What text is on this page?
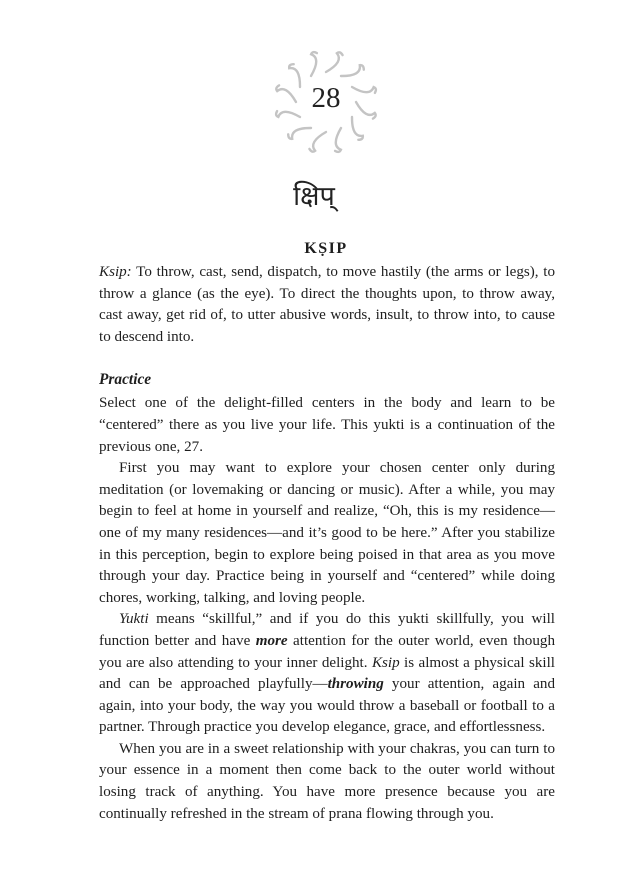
28
क्षिप्
KṢIP

Ksip: To throw, cast, send, dispatch, to move hastily (the arms or legs), to throw a glance (as the eye). To direct the thoughts upon, to throw away, cast away, get rid of, to utter abusive words, insult, to throw into, to cause to descend into.

Practice

Select one of the delight-filled centers in the body and learn to be “centered” there as you live your life. This yukti is a continuation of the previous one, 27.

First you may want to explore your chosen center only during meditation (or lovemaking or dancing or music). After a while, you may begin to feel at home in yourself and realize, “Oh, this is my residence—one of my many residences—and it’s good to be here.” After you stabilize in this perception, begin to explore being poised in that area as you move through your day. Practice being in yourself and “centered” while doing chores, working, talking, and loving people.

Yukti means “skillful,” and if you do this yukti skillfully, you will function better and have more attention for the outer world, even though you are also attending to your inner delight. Ksip is almost a physical skill and can be approached playfully—throwing your attention, again and again, into your body, the way you would throw a baseball or football to a partner. Through practice you develop elegance, grace, and effortlessness.

When you are in a sweet relationship with your chakras, you can turn to your essence in a moment then come back to the outer world without losing track of anything. You have more presence because you are continually refreshed in the stream of prana flowing through you.
